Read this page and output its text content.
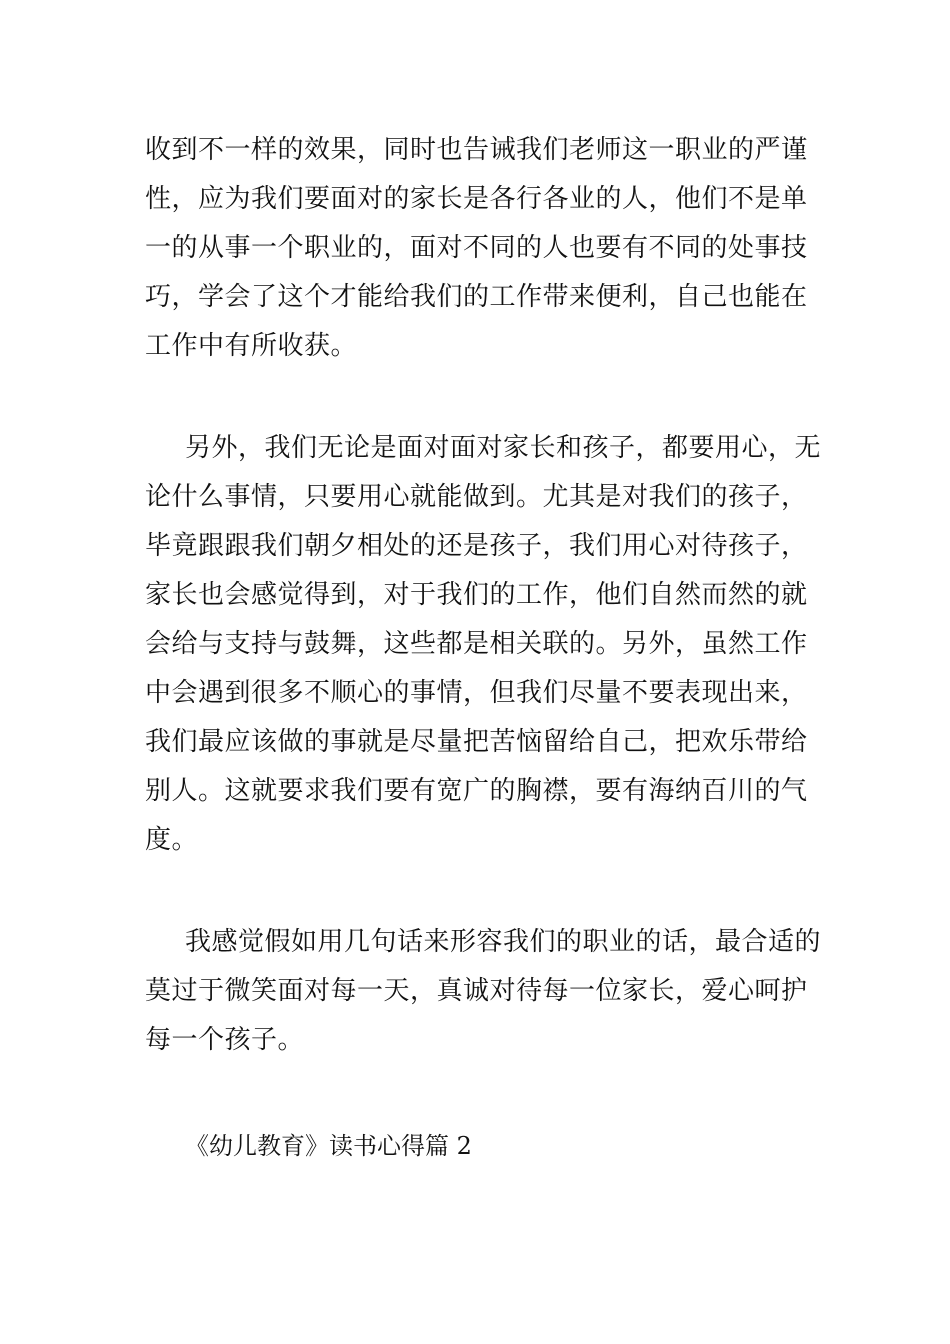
收到不一样的效果，同时也告诫我们老师这一职业的严谨
性，应为我们要面对的家长是各行各业的人，他们不是单
一的从事一个职业的，面对不同的人也要有不同的处事技
巧，学会了这个才能给我们的工作带来便利，自己也能在
工作中有所收获。
另外，我们无论是面对面对家长和孩子，都要用心，无
论什么事情，只要用心就能做到。尤其是对我们的孩子，
毕竟跟跟我们朝夕相处的还是孩子，我们用心对待孩子，
家长也会感觉得到，对于我们的工作，他们自然而然的就
会给与支持与鼓舞，这些都是相关联的。另外，虽然工作
中会遇到很多不顺心的事情，但我们尽量不要表现出来，
我们最应该做的事就是尽量把苦恼留给自己，把欢乐带给
别人。这就要求我们要有宽广的胸襟，要有海纳百川的气
度。
我感觉假如用几句话来形容我们的职业的话，最合适的
莫过于微笑面对每一天，真诚对待每一位家长，爱心呵护
每一个孩子。
《幼儿教育》读书心得篇 2
